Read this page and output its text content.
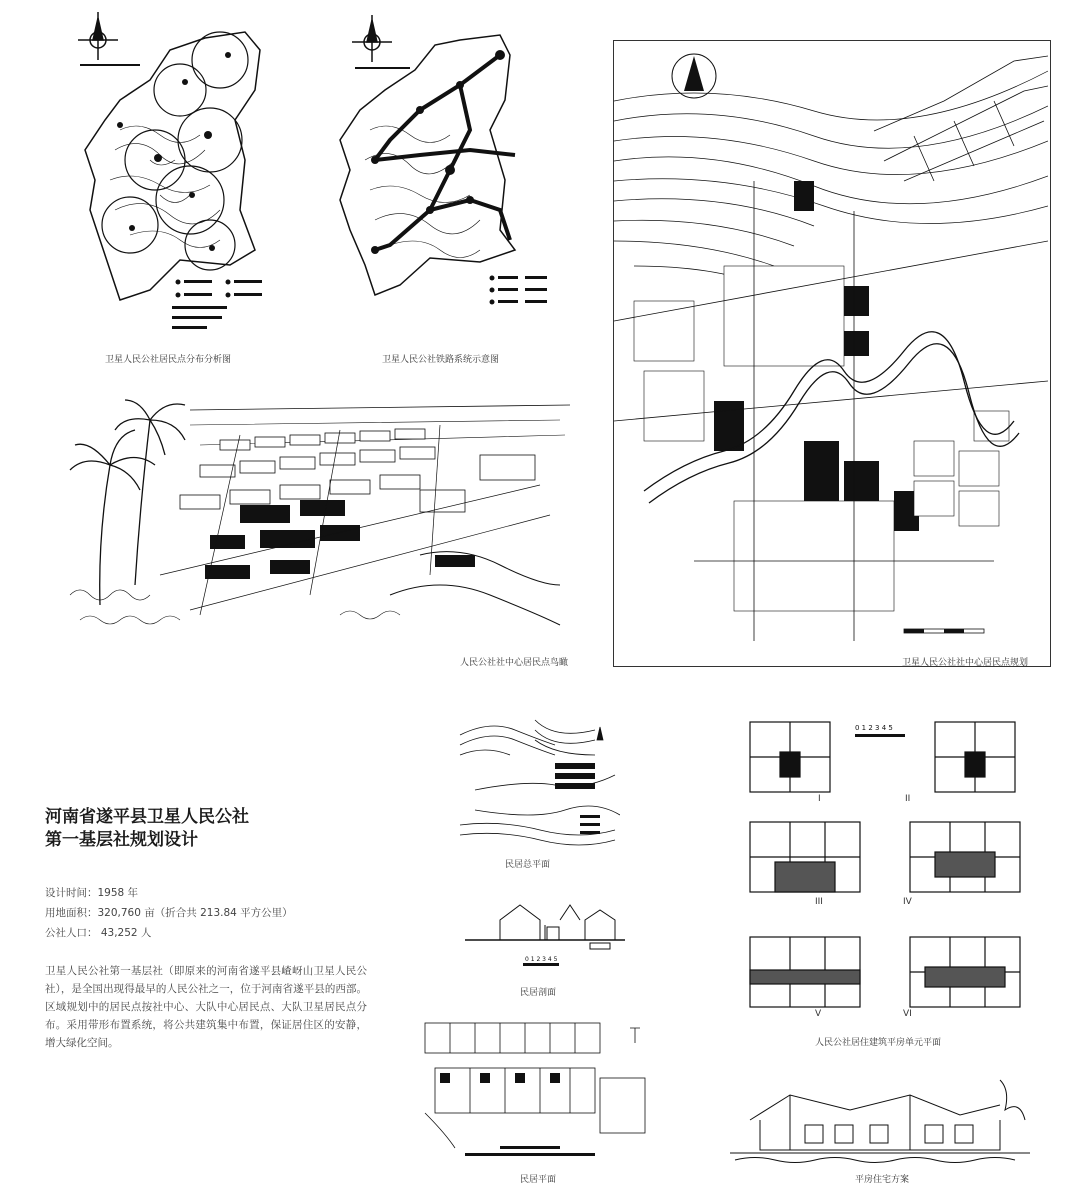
卫星人民公社居民点分布分析图	卫星人民公社铁路系统示意图
人民公社社中心居民点鸟瞰	卫星人民公社社中心居民点规划
河南省遂平县卫星人民公社
第一基层社规划设计
设计时间：1958 年
用地面积：320,760 亩（折合共 213.84 平方公里）
公社人口： 43,252 人
卫星人民公社第一基层社（即原来的河南省遂平县嵖岈山卫星人民公社），是全国出现得最早的人民公社之一，位于河南省遂平县的西部。区域规划中的居民点按社中心、大队中心居民点、大队卫星居民点分布。采用带形布置系统，将公共建筑集中布置，保证居住区的安静，增大绿化空间。
民居总平面
0 1 2 3 4 5
民居剖面
民居平面
0 1 2 3 4 5
I	II
III	IV
V	VI
人民公社居住建筑平房单元平面
平房住宅方案
